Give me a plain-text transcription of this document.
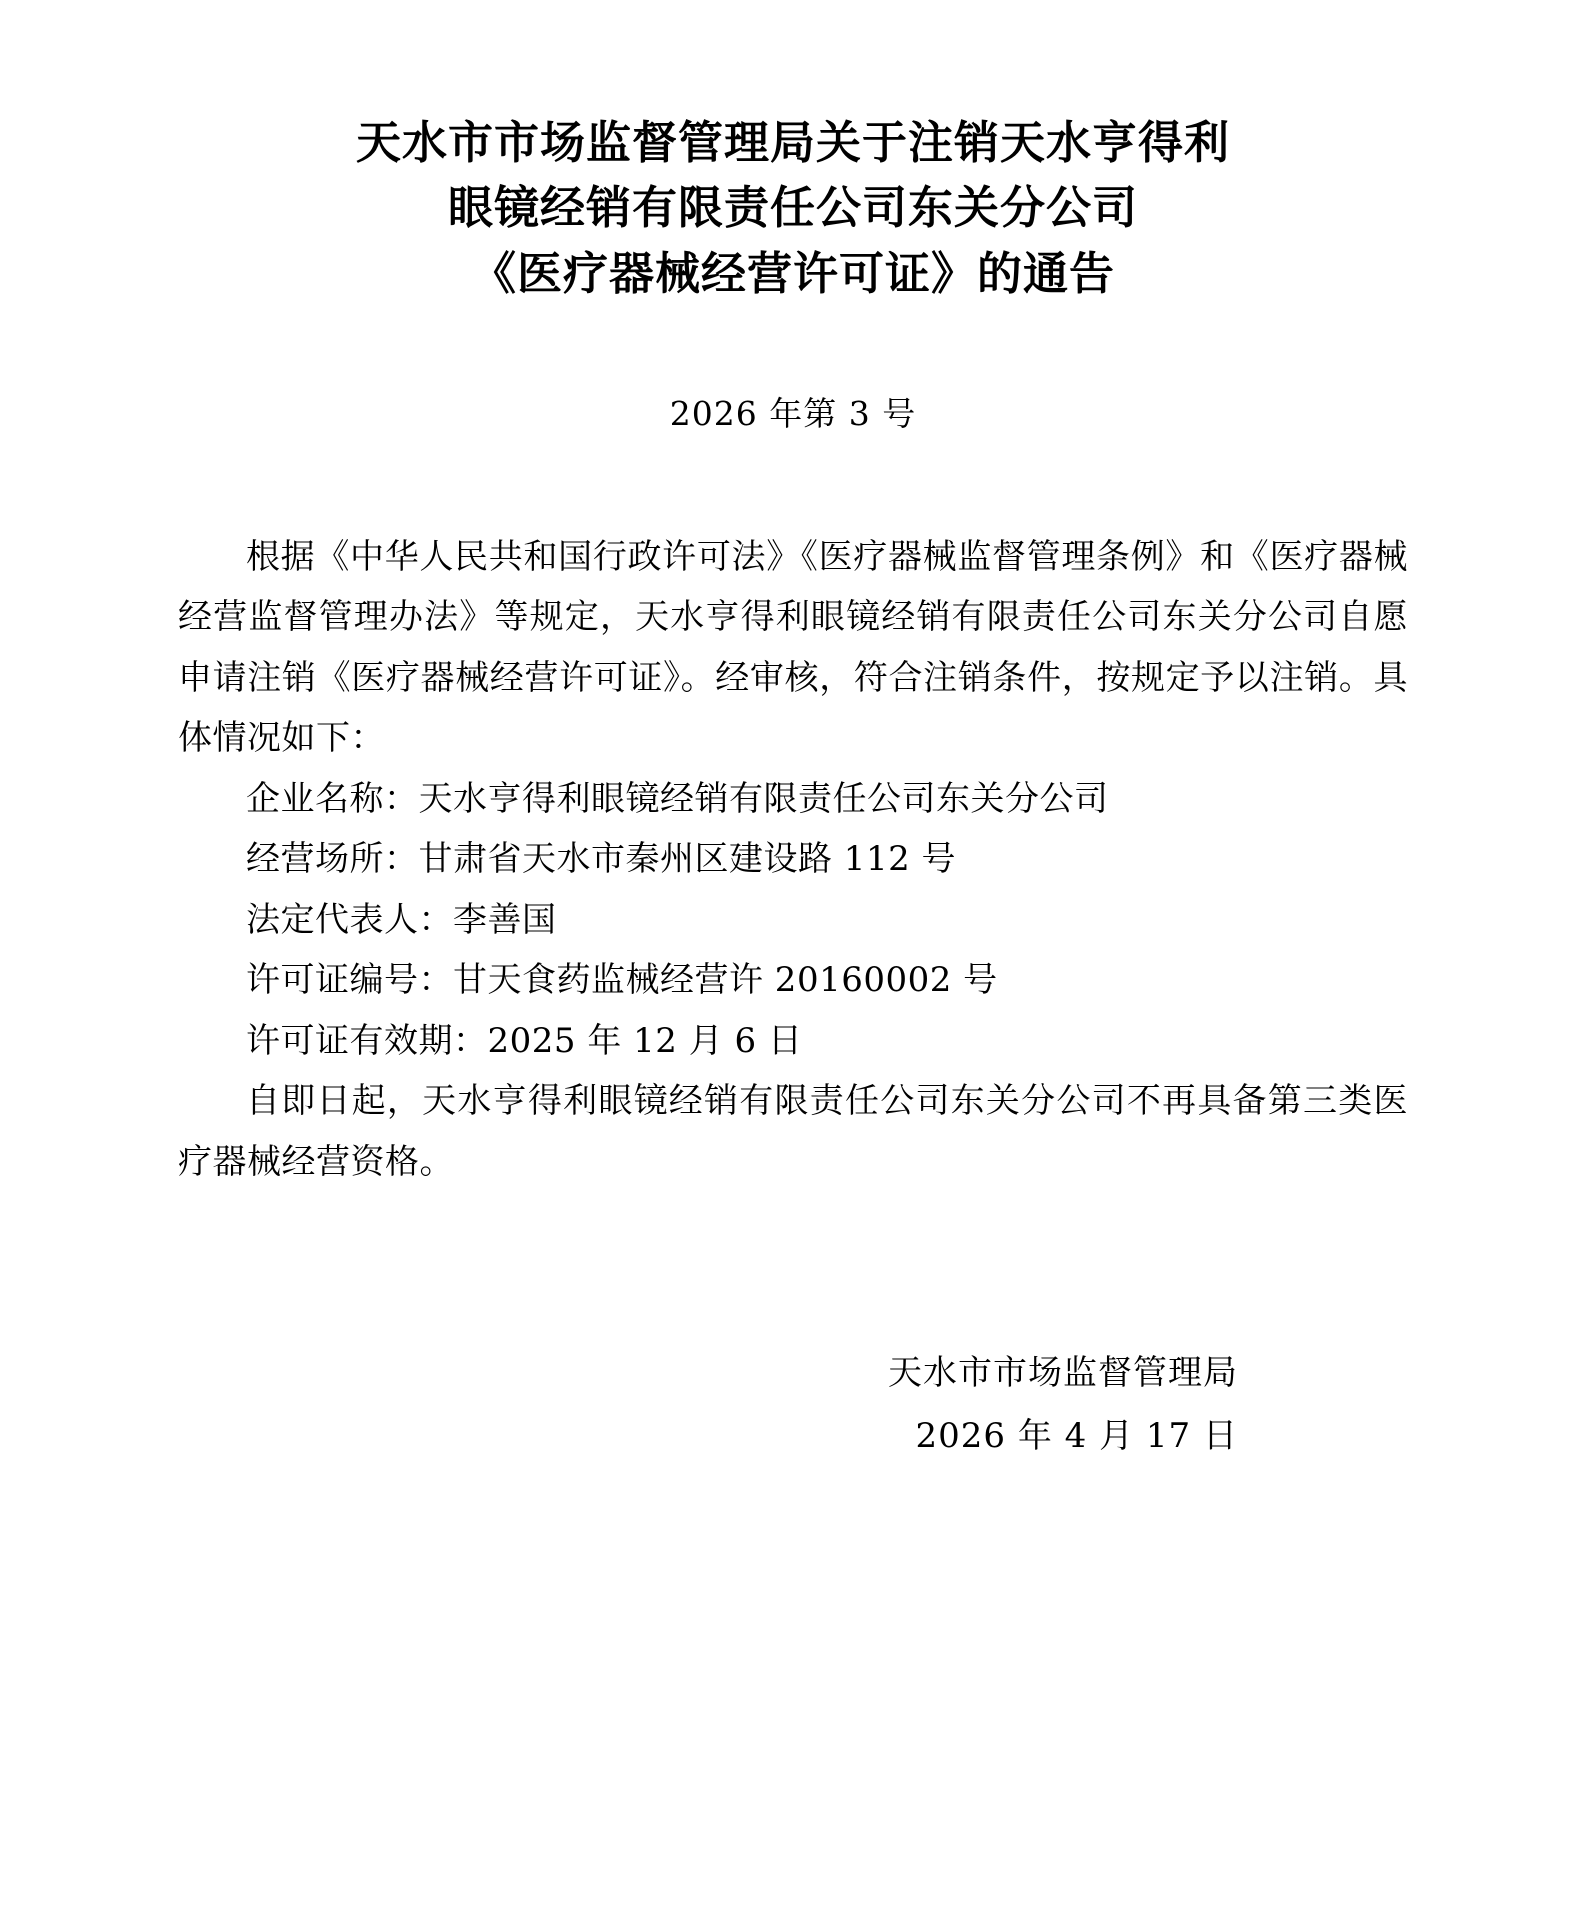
天水市市场监督管理局关于注销天水亨得利
眼镜经销有限责任公司东关分公司
《医疗器械经营许可证》的通告
2026 年第 3 号

根据《中华人民共和国行政许可法》《医疗器械监督管理条例》和《医疗器械经营监督管理办法》等规定，天水亨得利眼镜经销有限责任公司东关分公司自愿申请注销《医疗器械经营许可证》。经审核，符合注销条件，按规定予以注销。具体情况如下：

企业名称：天水亨得利眼镜经销有限责任公司东关分公司
经营场所：甘肃省天水市秦州区建设路 112 号
法定代表人：李善国
许可证编号：甘天食药监械经营许 20160002 号
许可证有效期：2025 年 12 月 6 日

自即日起，天水亨得利眼镜经销有限责任公司东关分公司不再具备第三类医疗器械经营资格。

天水市市场监督管理局
2026 年 4 月 17 日
